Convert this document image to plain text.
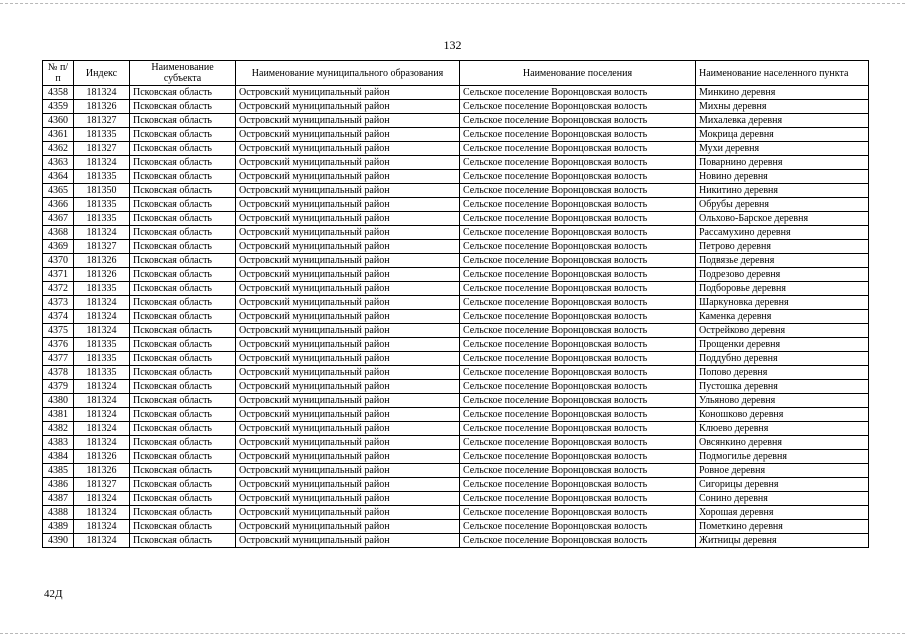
132
№ п/п	Индекс	Наименование субъекта	Наименование муниципального образования	Наименование поселения	Наименование населенного пункта
4358	181324	Псковская область	Островский муниципальный район	Сельское поселение Воронцовская волость	Минкино деревня
4359	181326	Псковская область	Островский муниципальный район	Сельское поселение Воронцовская волость	Михны деревня
4360	181327	Псковская область	Островский муниципальный район	Сельское поселение Воронцовская волость	Михалевка деревня
4361	181335	Псковская область	Островский муниципальный район	Сельское поселение Воронцовская волость	Мокрица деревня
4362	181327	Псковская область	Островский муниципальный район	Сельское поселение Воронцовская волость	Мухи деревня
4363	181324	Псковская область	Островский муниципальный район	Сельское поселение Воронцовская волость	Поварнино деревня
4364	181335	Псковская область	Островский муниципальный район	Сельское поселение Воронцовская волость	Новино деревня
4365	181350	Псковская область	Островский муниципальный район	Сельское поселение Воронцовская волость	Никитино деревня
4366	181335	Псковская область	Островский муниципальный район	Сельское поселение Воронцовская волость	Обрубы деревня
4367	181335	Псковская область	Островский муниципальный район	Сельское поселение Воронцовская волость	Ольхово-Барское деревня
4368	181324	Псковская область	Островский муниципальный район	Сельское поселение Воронцовская волость	Рассамухино деревня
4369	181327	Псковская область	Островский муниципальный район	Сельское поселение Воронцовская волость	Петрово деревня
4370	181326	Псковская область	Островский муниципальный район	Сельское поселение Воронцовская волость	Подвязье деревня
4371	181326	Псковская область	Островский муниципальный район	Сельское поселение Воронцовская волость	Подрезово деревня
4372	181335	Псковская область	Островский муниципальный район	Сельское поселение Воронцовская волость	Подборовье деревня
4373	181324	Псковская область	Островский муниципальный район	Сельское поселение Воронцовская волость	Шаркуновка деревня
4374	181324	Псковская область	Островский муниципальный район	Сельское поселение Воронцовская волость	Каменка деревня
4375	181324	Псковская область	Островский муниципальный район	Сельское поселение Воронцовская волость	Острейково деревня
4376	181335	Псковская область	Островский муниципальный район	Сельское поселение Воронцовская волость	Прощенки деревня
4377	181335	Псковская область	Островский муниципальный район	Сельское поселение Воронцовская волость	Поддубно деревня
4378	181335	Псковская область	Островский муниципальный район	Сельское поселение Воронцовская волость	Попово деревня
4379	181324	Псковская область	Островский муниципальный район	Сельское поселение Воронцовская волость	Пустошка деревня
4380	181324	Псковская область	Островский муниципальный район	Сельское поселение Воронцовская волость	Ульяново деревня
4381	181324	Псковская область	Островский муниципальный район	Сельское поселение Воронцовская волость	Коношково деревня
4382	181324	Псковская область	Островский муниципальный район	Сельское поселение Воронцовская волость	Клюево деревня
4383	181324	Псковская область	Островский муниципальный район	Сельское поселение Воронцовская волость	Овсянкино деревня
4384	181326	Псковская область	Островский муниципальный район	Сельское поселение Воронцовская волость	Подмогилье деревня
4385	181326	Псковская область	Островский муниципальный район	Сельское поселение Воронцовская волость	Ровное деревня
4386	181327	Псковская область	Островский муниципальный район	Сельское поселение Воронцовская волость	Сигорицы деревня
4387	181324	Псковская область	Островский муниципальный район	Сельское поселение Воронцовская волость	Сонино деревня
4388	181324	Псковская область	Островский муниципальный район	Сельское поселение Воронцовская волость	Хорошая деревня
4389	181324	Псковская область	Островский муниципальный район	Сельское поселение Воронцовская волость	Пометкино деревня
4390	181324	Псковская область	Островский муниципальный район	Сельское поселение Воронцовская волость	Житницы деревня
42Д
